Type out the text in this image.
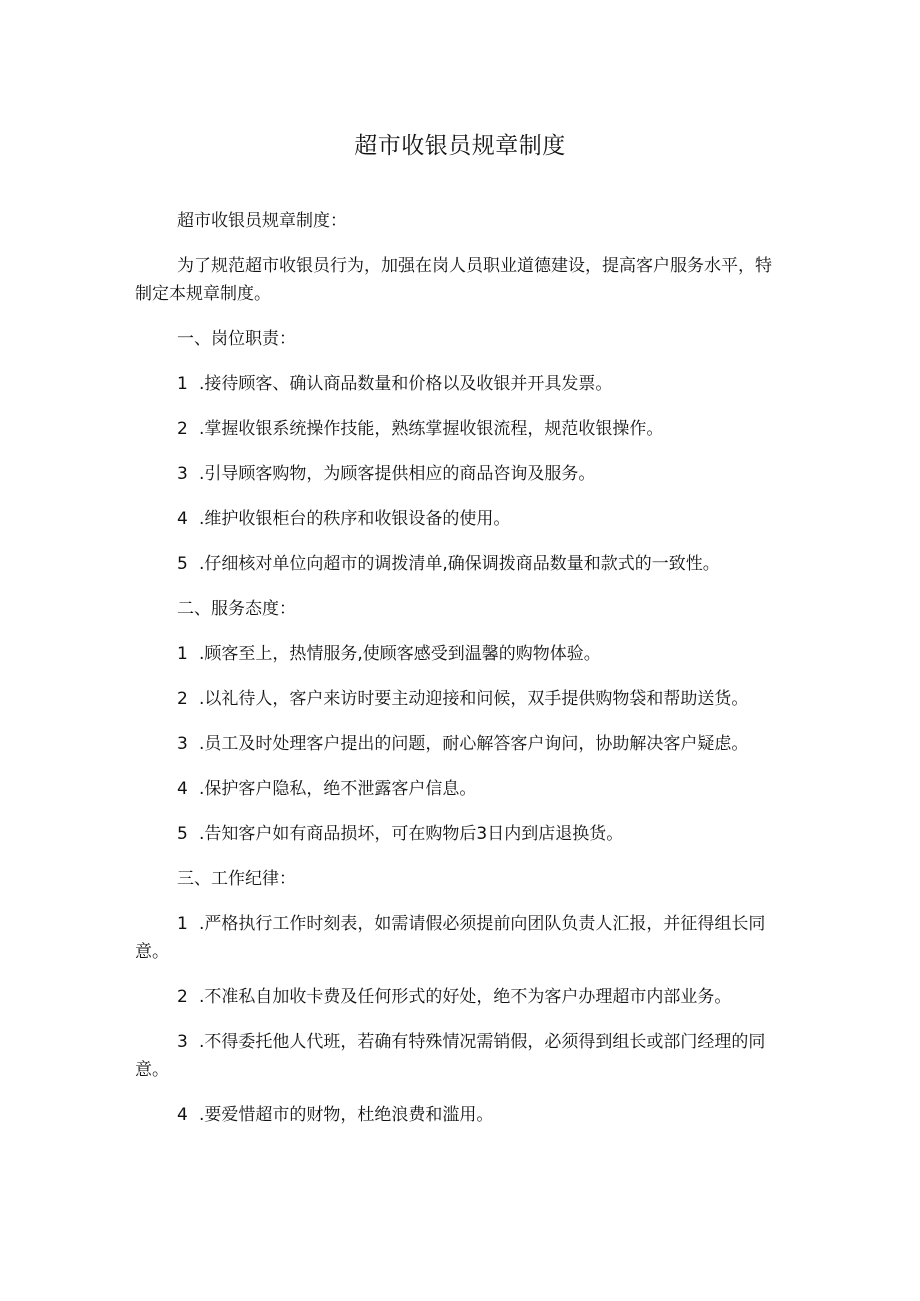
超市收银员规章制度

超市收银员规章制度：

为了规范超市收银员行为，加强在岗人员职业道德建设，提高客户服务水平，特制定本规章制度。

一、岗位职责：

1 .接待顾客、确认商品数量和价格以及收银并开具发票。

2 .掌握收银系统操作技能，熟练掌握收银流程，规范收银操作。

3 .引导顾客购物，为顾客提供相应的商品咨询及服务。

4 .维护收银柜台的秩序和收银设备的使用。

5 .仔细核对单位向超市的调拨清单,确保调拨商品数量和款式的一致性。

二、服务态度：

1 .顾客至上，热情服务,使顾客感受到温馨的购物体验。

2 .以礼待人，客户来访时要主动迎接和问候，双手提供购物袋和帮助送货。

3 .员工及时处理客户提出的问题，耐心解答客户询问，协助解决客户疑虑。

4 .保护客户隐私，绝不泄露客户信息。

5 .告知客户如有商品损坏，可在购物后3日内到店退换货。

三、工作纪律：

1 .严格执行工作时刻表，如需请假必须提前向团队负责人汇报，并征得组长同意。

2 .不准私自加收卡费及任何形式的好处，绝不为客户办理超市内部业务。

3 .不得委托他人代班，若确有特殊情况需销假，必须得到组长或部门经理的同意。

4 .要爱惜超市的财物，杜绝浪费和滥用。
